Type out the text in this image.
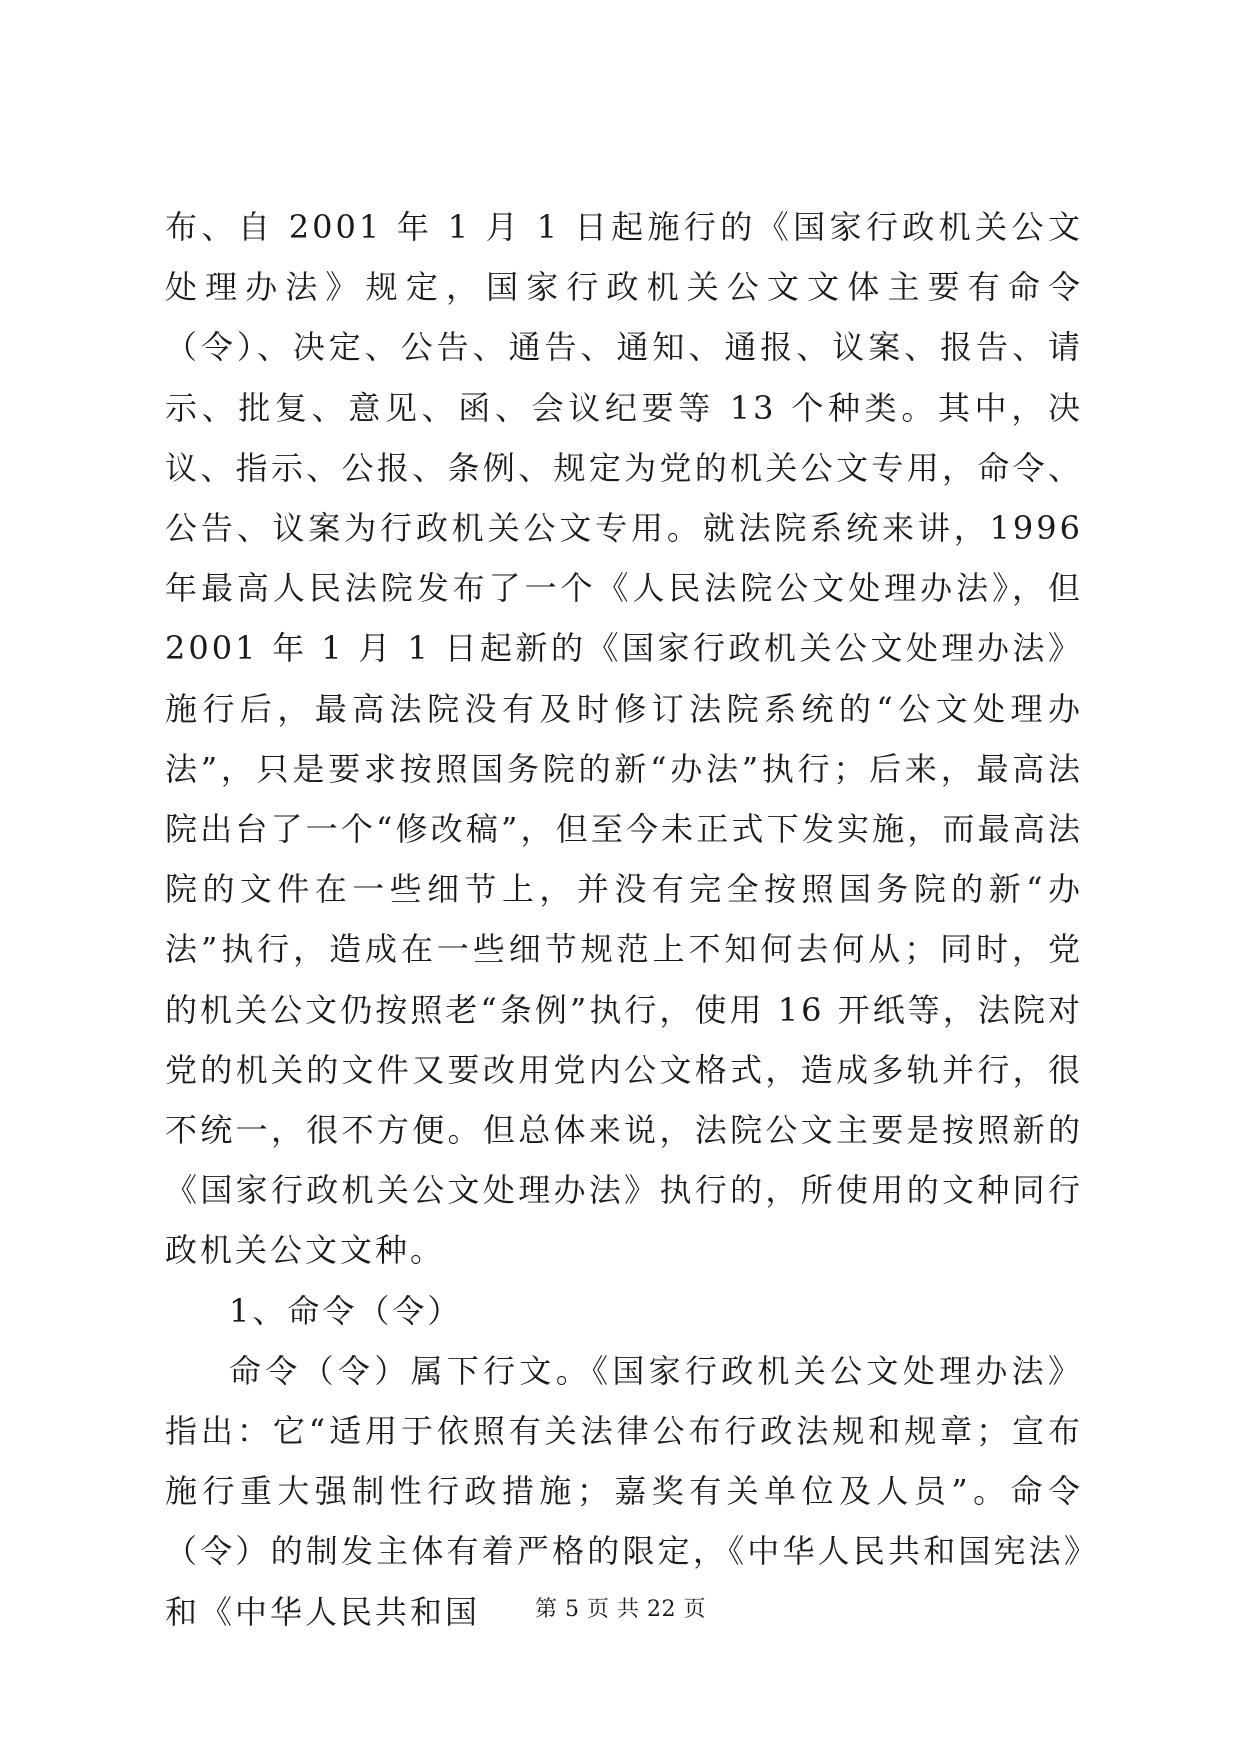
布、自 2001 年 1 月 1 日起施行的《国家行政机关公文处理办法》规定，国家行政机关公文文体主要有命令（令）、决定、公告、通告、通知、通报、议案、报告、请示、批复、意见、函、会议纪要等 13 个种类。其中，决议、指示、公报、条例、规定为党的机关公文专用，命令、公告、议案为行政机关公文专用。就法院系统来讲，1996 年最高人民法院发布了一个《人民法院公文处理办法》，但 2001 年 1 月 1 日起新的《国家行政机关公文处理办法》施行后，最高法院没有及时修订法院系统的“公文处理办法”，只是要求按照国务院的新“办法”执行；后来，最高法院出台了一个“修改稿”，但至今未正式下发实施，而最高法院的文件在一些细节上，并没有完全按照国务院的新“办法”执行，造成在一些细节规范上不知何去何从；同时，党的机关公文仍按照老“条例”执行，使用 16 开纸等，法院对党的机关的文件又要改用党内公文格式，造成多轨并行，很不统一，很不方便。但总体来说，法院公文主要是按照新的《国家行政机关公文处理办法》执行的，所使用的文种同行政机关公文文种。

1、命令（令）

命令（令）属下行文。《国家行政机关公文处理办法》指出：它“适用于依照有关法律公布行政法规和规章；宣布施行重大强制性行政措施；嘉奖有关单位及人员”。命令（令）的制发主体有着严格的限定，《中华人民共和国宪法》和《中华人民共和国	第 5 页 共 22 页
